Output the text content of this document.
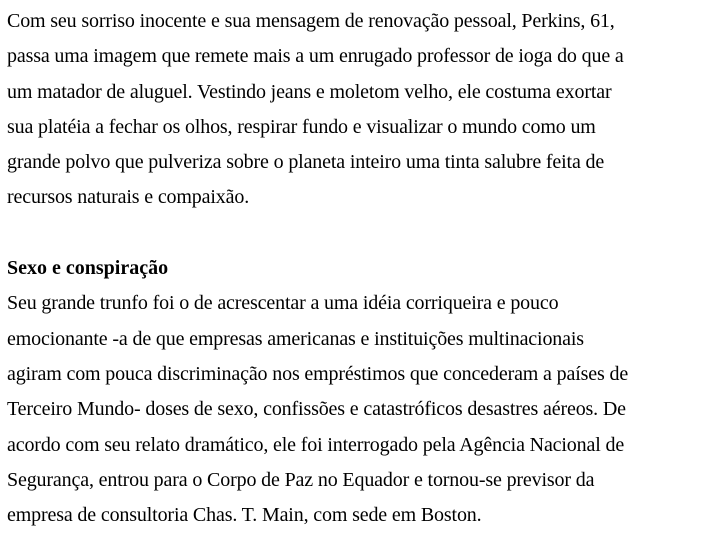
Com seu sorriso inocente e sua mensagem de renovação pessoal, Perkins, 61,
passa uma imagem que remete mais a um enrugado professor de ioga do que a
um matador de aluguel. Vestindo jeans e moletom velho, ele costuma exortar
sua platéia a fechar os olhos, respirar fundo e visualizar o mundo como um
grande polvo que pulveriza sobre o planeta inteiro uma tinta salubre feita de
recursos naturais e compaixão.
Sexo e conspiração
Seu grande trunfo foi o de acrescentar a uma idéia corriqueira e pouco
emocionante -a de que empresas americanas e instituições multinacionais
agiram com pouca discriminação nos empréstimos que concederam a países de
Terceiro Mundo- doses de sexo, confissões e catastróficos desastres aéreos. De
acordo com seu relato dramático, ele foi interrogado pela Agência Nacional de
Segurança, entrou para o Corpo de Paz no Equador e tornou-se previsor da
empresa de consultoria Chas. T. Main, com sede em Boston.
